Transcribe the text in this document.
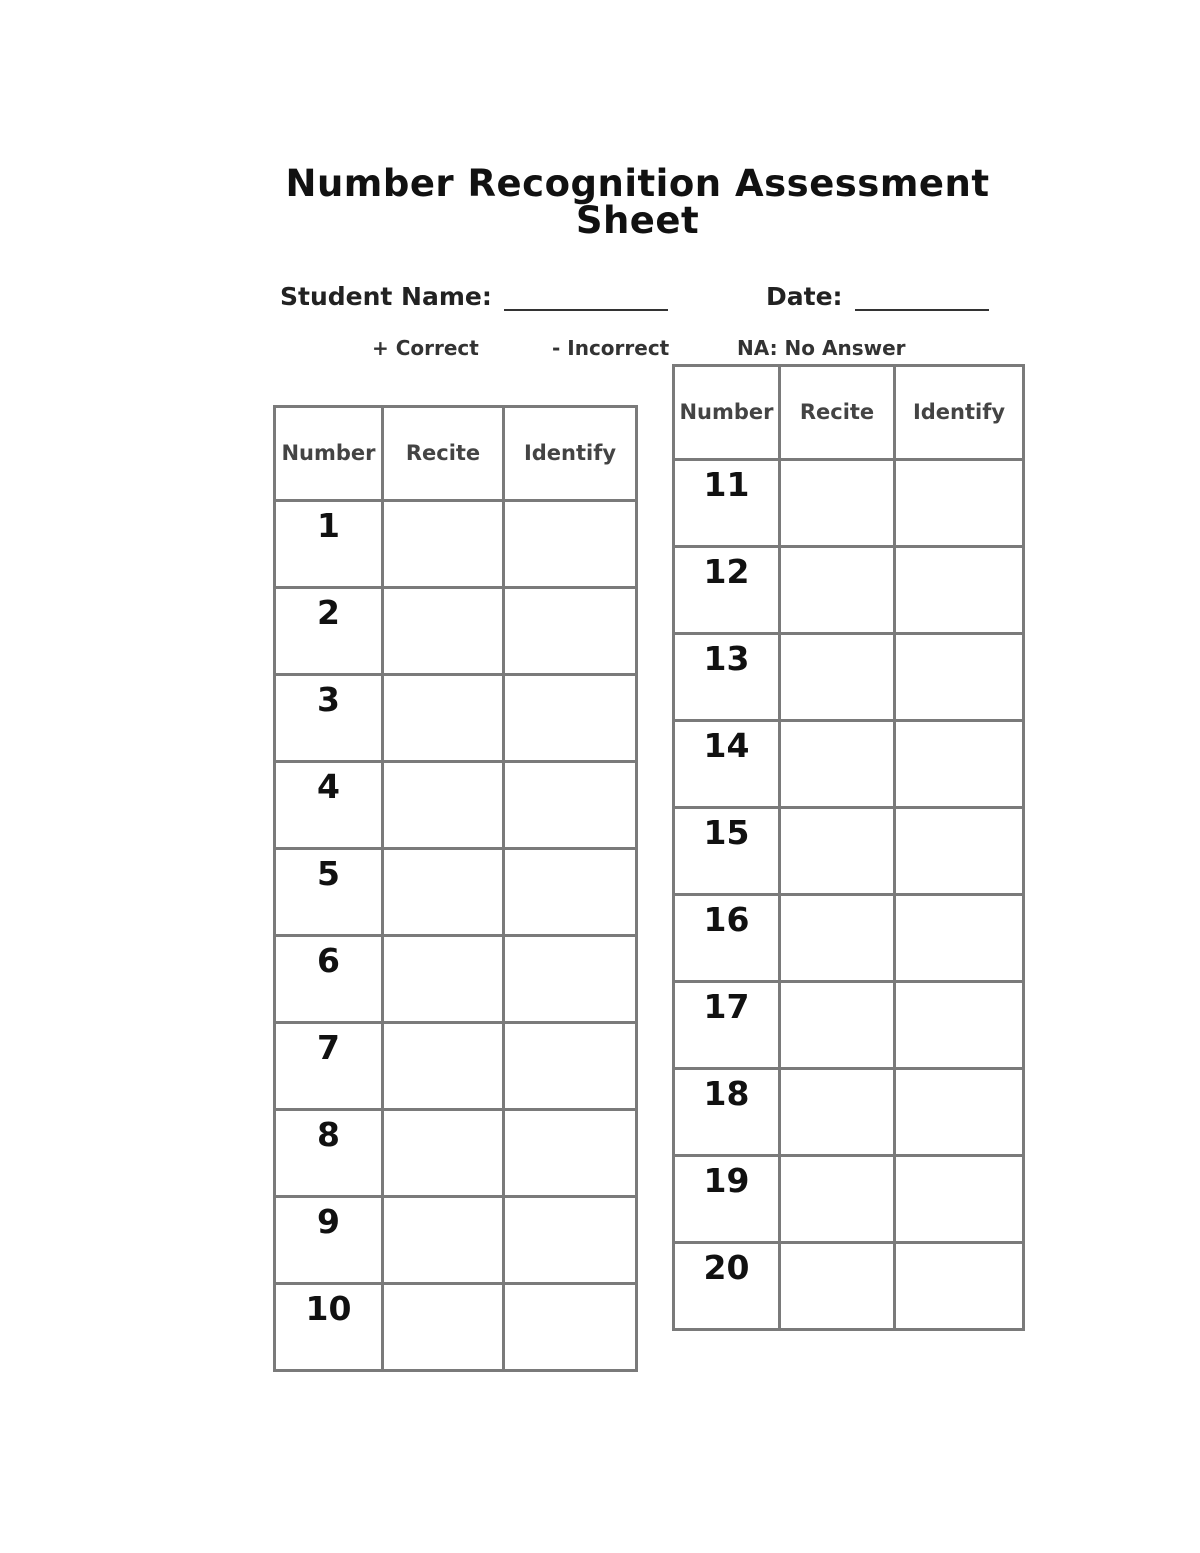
Number Recognition Assessment Sheet
Student Name:	Date:
+ Correct	- Incorrect	NA: No Answer
Number	Recite	Identify
1		
2		
3		
4		
5		
6		
7		
8		
9		
10		
Number	Recite	Identify
11		
12		
13		
14		
15		
16		
17		
18		
19		
20		
